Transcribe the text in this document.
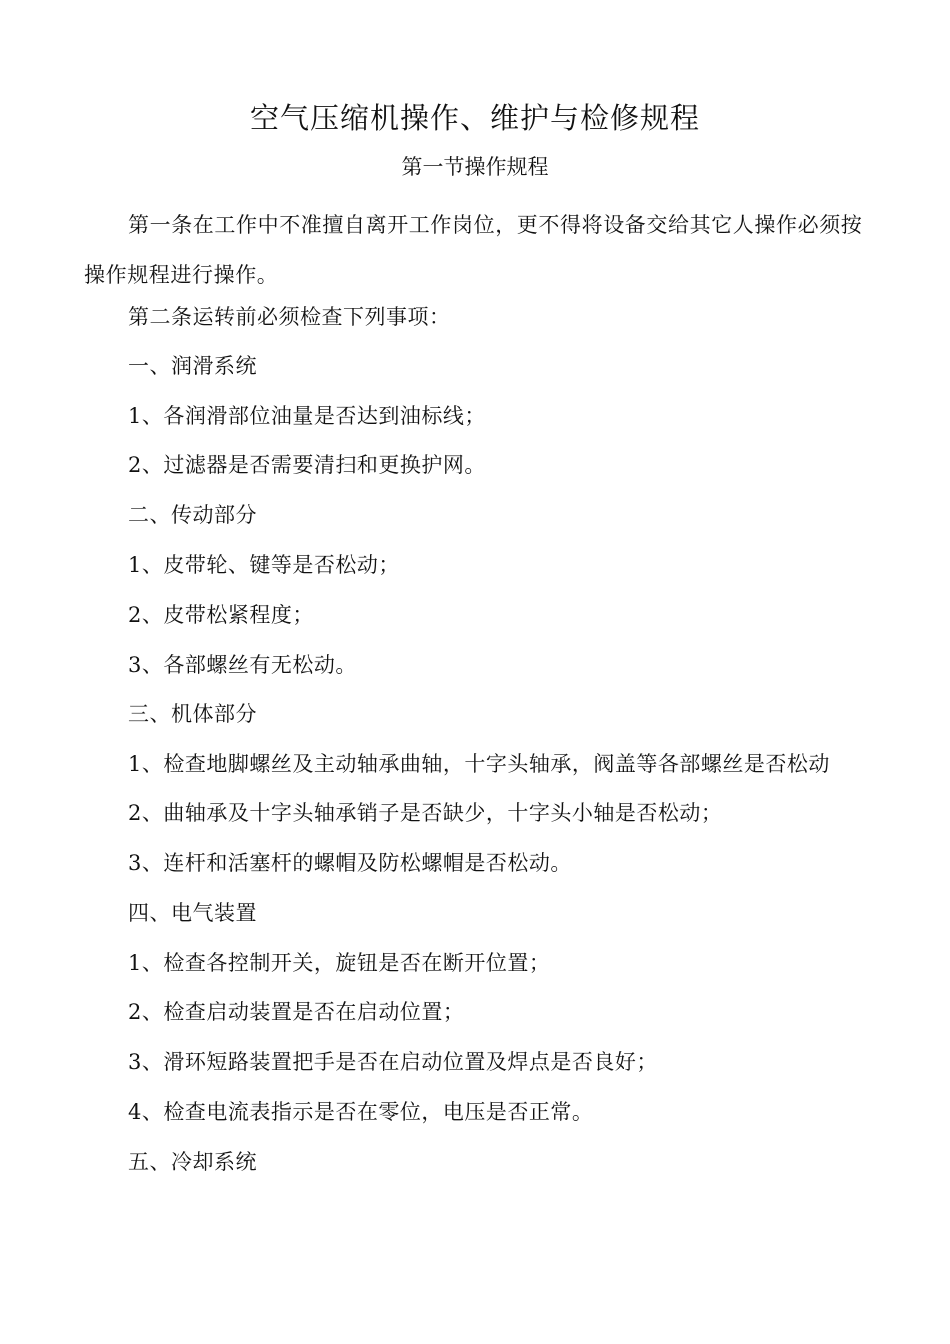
空气压缩机操作、维护与检修规程
第一节操作规程

第一条在工作中不准擅自离开工作岗位，更不得将设备交给其它人操作必须按操作规程进行操作。

第二条运转前必须检查下列事项：
一、润滑系统
1、各润滑部位油量是否达到油标线；
2、过滤器是否需要清扫和更换护网。
二、传动部分
1、皮带轮、键等是否松动；
2、皮带松紧程度；
3、各部螺丝有无松动。
三、机体部分
1、检查地脚螺丝及主动轴承曲轴，十字头轴承，阀盖等各部螺丝是否松动
2、曲轴承及十字头轴承销子是否缺少，十字头小轴是否松动；
3、连杆和活塞杆的螺帽及防松螺帽是否松动。
四、电气装置
1、检查各控制开关，旋钮是否在断开位置；
2、检查启动装置是否在启动位置；
3、滑环短路装置把手是否在启动位置及焊点是否良好；
4、检查电流表指示是否在零位，电压是否正常。
五、冷却系统
